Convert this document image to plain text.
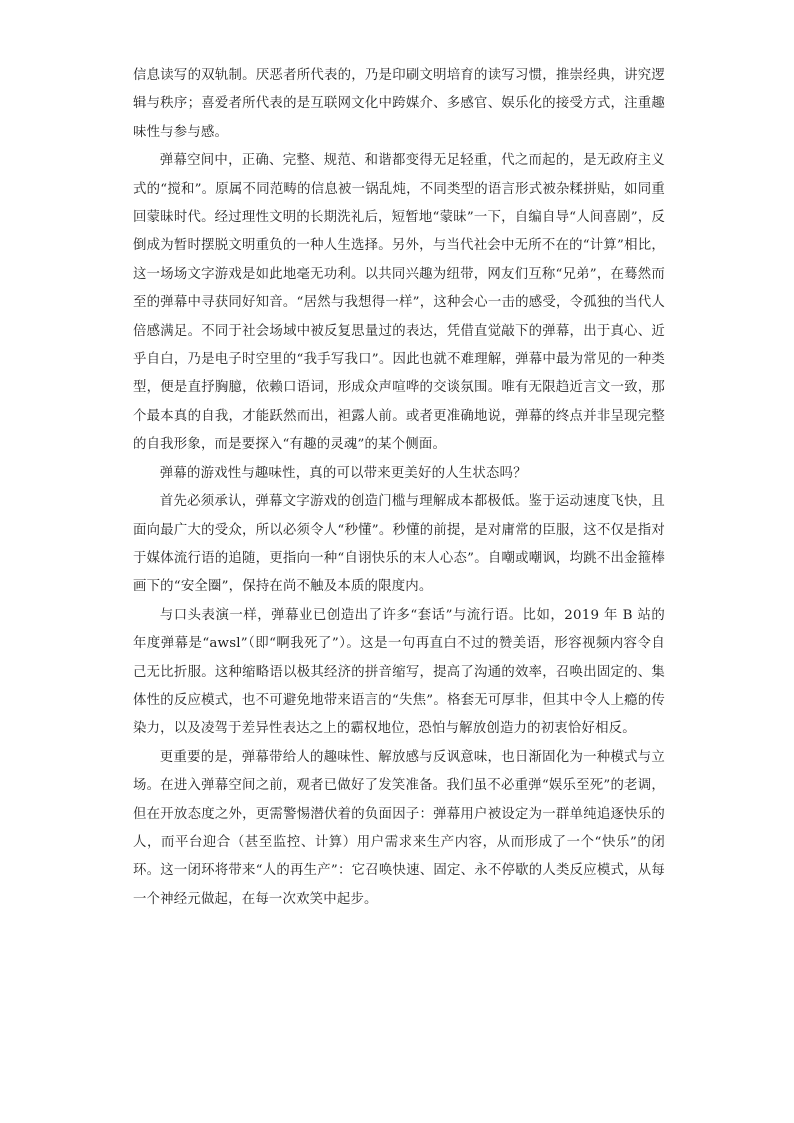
信息读写的双轨制。厌恶者所代表的，乃是印刷文明培育的读写习惯，推崇经典，讲究逻辑与秩序；喜爱者所代表的是互联网文化中跨媒介、多感官、娱乐化的接受方式，注重趣味性与参与感。

弹幕空间中，正确、完整、规范、和谐都变得无足轻重，代之而起的，是无政府主义式的“搅和”。原属不同范畴的信息被一锅乱炖，不同类型的语言形式被杂糅拼贴，如同重回蒙昧时代。经过理性文明的长期洗礼后，短暂地“蒙昧”一下，自编自导“人间喜剧”，反倒成为暂时摆脱文明重负的一种人生选择。另外，与当代社会中无所不在的“计算”相比，这一场场文字游戏是如此地毫无功利。以共同兴趣为纽带，网友们互称“兄弟”，在蓦然而至的弹幕中寻获同好知音。“居然与我想得一样”，这种会心一击的感受，令孤独的当代人倍感满足。不同于社会场域中被反复思量过的表达，凭借直觉敲下的弹幕，出于真心、近乎自白，乃是电子时空里的“我手写我口”。因此也就不难理解，弹幕中最为常见的一种类型，便是直抒胸臆，依赖口语词，形成众声喧哗的交谈氛围。唯有无限趋近言文一致，那个最本真的自我，才能跃然而出，袒露人前。或者更准确地说，弹幕的终点并非呈现完整的自我形象，而是要探入“有趣的灵魂”的某个侧面。

弹幕的游戏性与趣味性，真的可以带来更美好的人生状态吗？

首先必须承认，弹幕文字游戏的创造门槛与理解成本都极低。鉴于运动速度飞快，且面向最广大的受众，所以必须令人“秒懂”。秒懂的前提，是对庸常的臣服，这不仅是指对于媒体流行语的追随，更指向一种“自诩快乐的末人心态”。自嘲或嘲讽，均跳不出金箍棒画下的“安全圈”，保持在尚不触及本质的限度内。

与口头表演一样，弹幕业已创造出了许多“套话”与流行语。比如，2019 年 B 站的年度弹幕是“awsl”（即“啊我死了”）。这是一句再直白不过的赞美语，形容视频内容令自己无比折服。这种缩略语以极其经济的拼音缩写，提高了沟通的效率，召唤出固定的、集体性的反应模式，也不可避免地带来语言的“失焦”。格套无可厚非，但其中令人上瘾的传染力，以及凌驾于差异性表达之上的霸权地位，恐怕与解放创造力的初衷恰好相反。

更重要的是，弹幕带给人的趣味性、解放感与反讽意味，也日渐固化为一种模式与立场。在进入弹幕空间之前，观者已做好了发笑准备。我们虽不必重弹“娱乐至死”的老调，但在开放态度之外，更需警惕潜伏着的负面因子：弹幕用户被设定为一群单纯追逐快乐的人，而平台迎合（甚至监控、计算）用户需求来生产内容，从而形成了一个“快乐”的闭环。这一闭环将带来“人的再生产”：它召唤快速、固定、永不停歇的人类反应模式，从每一个神经元做起，在每一次欢笑中起步。
